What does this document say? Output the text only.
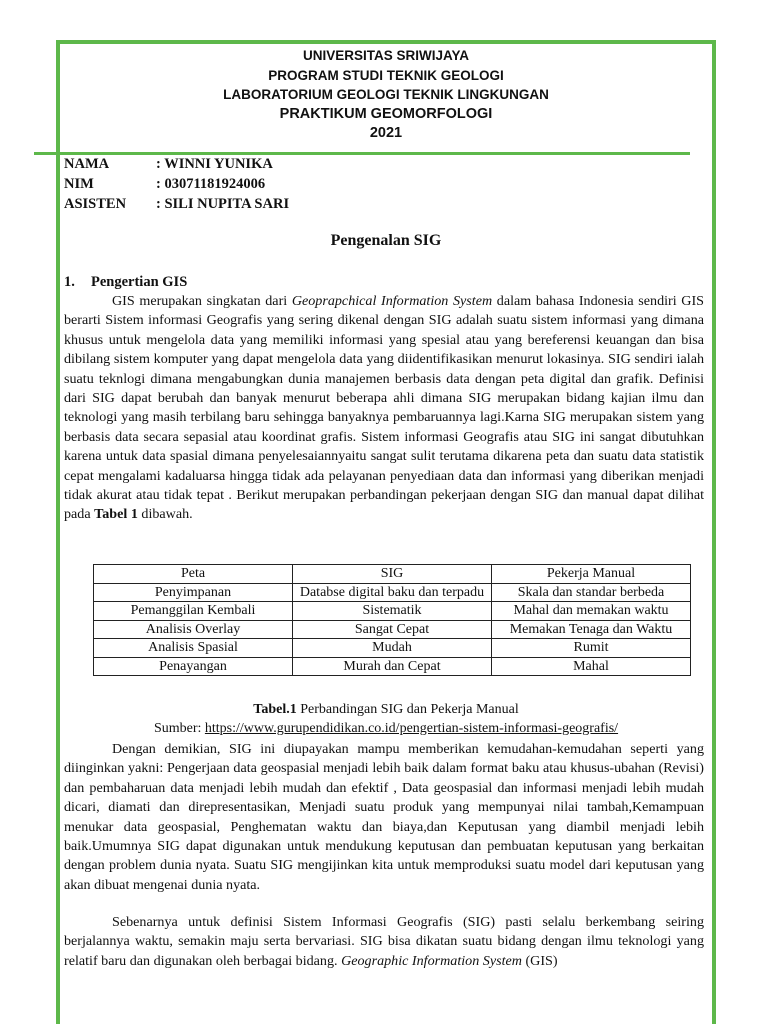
UNIVERSITAS SRIWIJAYA
PROGRAM STUDI TEKNIK GEOLOGI
LABORATORIUM GEOLOGI TEKNIK LINGKUNGAN
PRAKTIKUM GEOMORFOLOGI
2021
NAMA	: WINNI YUNIKA
NIM	: 03071181924006
ASISTEN	: SILI NUPITA SARI
Pengenalan SIG
1. Pengertian GIS
GIS merupakan singkatan dari Geoprapchical Information System dalam bahasa Indonesia sendiri GIS berarti Sistem informasi Geografis yang sering dikenal dengan SIG adalah suatu sistem informasi yang dimana khusus untuk mengelola data yang memiliki informasi yang spesial atau yang bereferensi keuangan dan bisa dibilang sistem komputer yang dapat mengelola data yang diidentifikasikan menurut lokasinya. SIG sendiri ialah suatu teknlogi dimana mengabungkan dunia manajemen berbasis data dengan peta digital dan grafik. Definisi dari SIG dapat berubah dan banyak menurut beberapa ahli dimana SIG merupakan bidang kajian ilmu dan teknologi yang masih terbilang baru sehingga banyaknya pembaruannya lagi.Karna SIG merupakan sistem yang berbasis data secara sepasial atau koordinat grafis. Sistem informasi Geografis atau SIG ini sangat dibutuhkan karena untuk data spasial dimana penyelesaiannyaitu sangat sulit terutama dikarena peta dan suatu data statistik cepat mengalami kadaluarsa hingga tidak ada pelayanan penyediaan data dan informasi yang diberikan menjadi tidak akurat atau tidak tepat . Berikut merupakan perbandingan pekerjaan dengan SIG dan manual dapat dilihat pada Tabel 1 dibawah.
Peta	SIG	Pekerja Manual
Penyimpanan	Databse digital baku dan terpadu	Skala dan standar berbeda
Pemanggilan Kembali	Sistematik	Mahal dan memakan waktu
Analisis Overlay	Sangat Cepat	Memakan Tenaga dan Waktu
Analisis Spasial	Mudah	Rumit
Penayangan	Murah dan Cepat	Mahal
Tabel.1 Perbandingan SIG dan Pekerja Manual
Sumber: https://www.gurupendidikan.co.id/pengertian-sistem-informasi-geografis/
Dengan demikian, SIG ini diupayakan mampu memberikan kemudahan-kemudahan seperti yang diinginkan yakni: Pengerjaan data geospasial menjadi lebih baik dalam format baku atau khusus-ubahan (Revisi) dan pembaharuan data menjadi lebih mudah dan efektif , Data geospasial dan informasi menjadi lebih mudah dicari, diamati dan direpresentasikan, Menjadi suatu produk yang mempunyai nilai tambah,Kemampuan menukar data geospasial, Penghematan waktu dan biaya,dan Keputusan yang diambil menjadi lebih baik.Umumnya SIG dapat digunakan untuk mendukung keputusan dan pembuatan keputusan yang berkaitan dengan problem dunia nyata. Suatu SIG mengijinkan kita untuk memproduksi suatu model dari keputusan yang akan dibuat mengenai dunia nyata.
Sebenarnya untuk definisi Sistem Informasi Geografis (SIG) pasti selalu berkembang seiring berjalannya waktu, semakin maju serta bervariasi. SIG bisa dikatan suatu bidang dengan ilmu teknologi yang relatif baru dan digunakan oleh berbagai bidang. Geographic Information System (GIS)
